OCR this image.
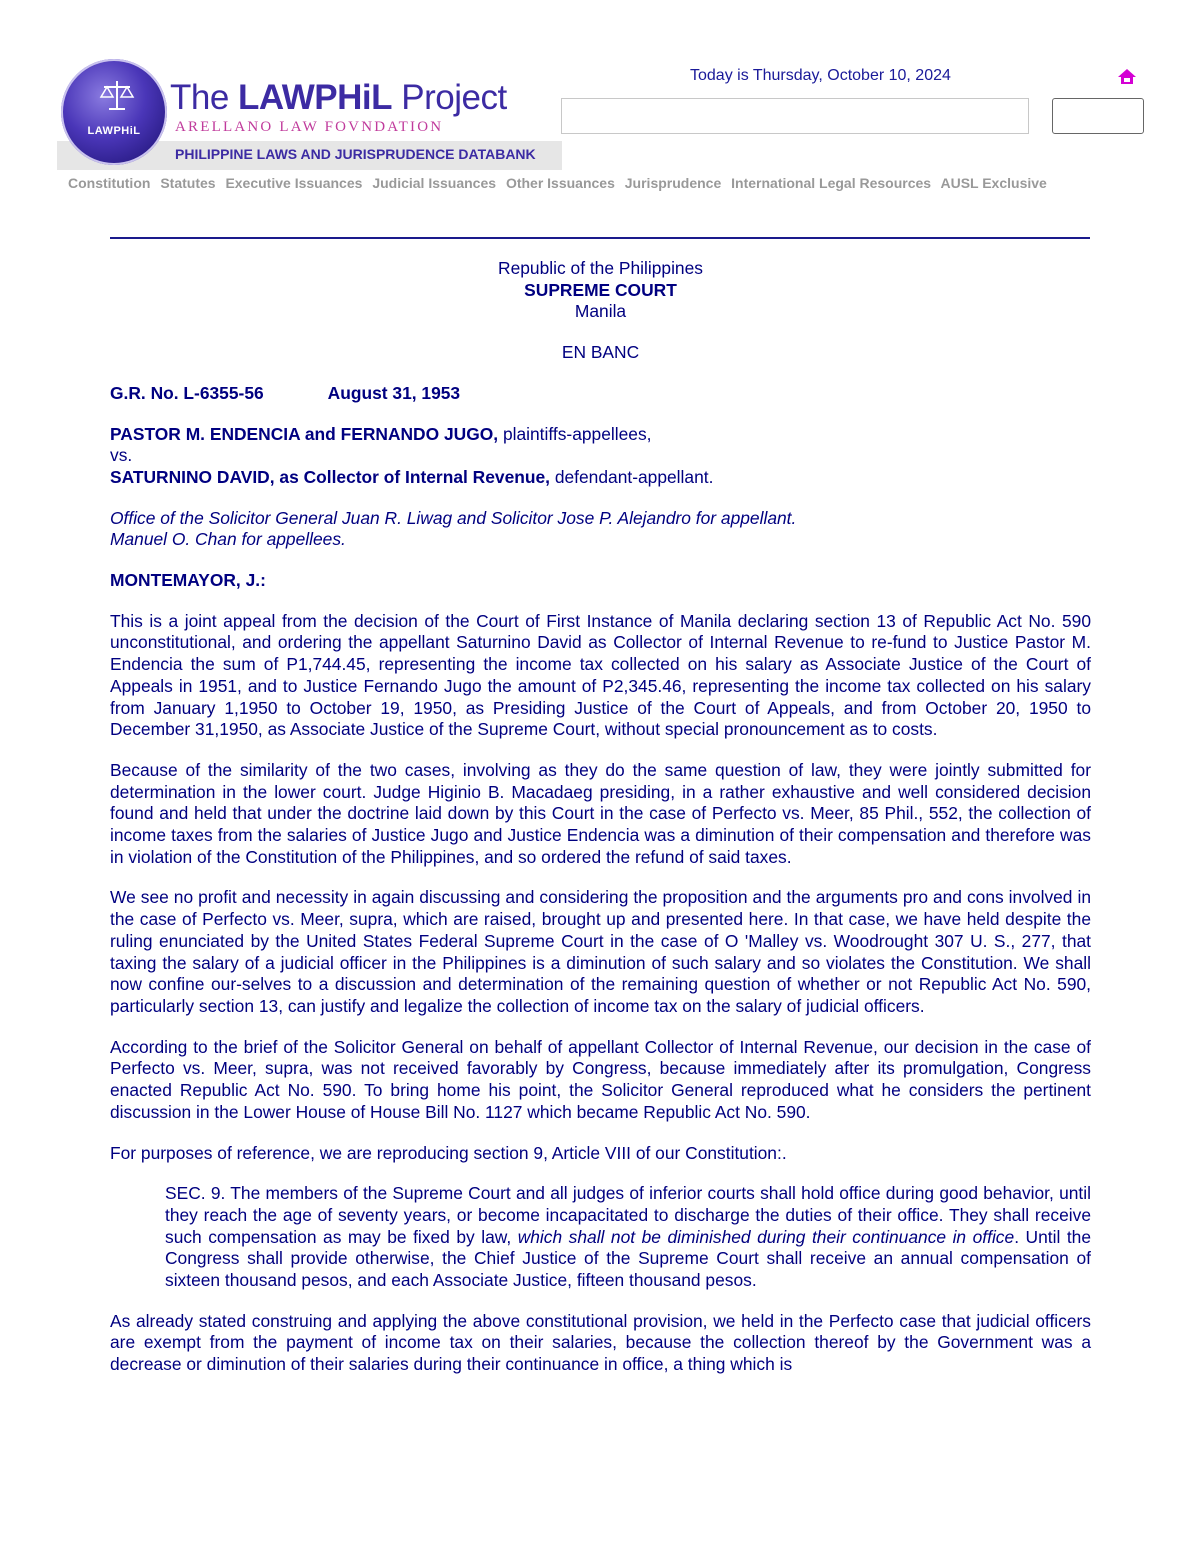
LAWPHiL
The LAWPHiL Project
ARELLANO LAW FOVNDATION
PHILIPPINE LAWS AND JURISPRUDENCE DATABANK
Today is Thursday, October 10, 2024
Constitution Statutes Executive Issuances Judicial Issuances Other Issuances Jurisprudence International Legal Resources AUSL Exclusive
Republic of the Philippines
SUPREME COURT
Manila
EN BANC
G.R. No. L-6355-56	August 31, 1953
PASTOR M. ENDENCIA and FERNANDO JUGO, plaintiffs-appellees,
vs.
SATURNINO DAVID, as Collector of Internal Revenue, defendant-appellant.
Office of the Solicitor General Juan R. Liwag and Solicitor Jose P. Alejandro for appellant.
Manuel O. Chan for appellees.

MONTEMAYOR, J.:

This is a joint appeal from the decision of the Court of First Instance of Manila declaring section 13 of Republic Act No. 590 unconstitutional, and ordering the appellant Saturnino David as Collector of Internal Revenue to re-fund to Justice Pastor M. Endencia the sum of P1,744.45, representing the income tax collected on his salary as Associate Justice of the Court of Appeals in 1951, and to Justice Fernando Jugo the amount of P2,345.46, representing the income tax collected on his salary from January 1,1950 to October 19, 1950, as Presiding Justice of the Court of Appeals, and from October 20, 1950 to December 31,1950, as Associate Justice of the Supreme Court, without special pronouncement as to costs.

Because of the similarity of the two cases, involving as they do the same question of law, they were jointly submitted for determination in the lower court. Judge Higinio B. Macadaeg presiding, in a rather exhaustive and well considered decision found and held that under the doctrine laid down by this Court in the case of Perfecto vs. Meer, 85 Phil., 552, the collection of income taxes from the salaries of Justice Jugo and Justice Endencia was a diminution of their compensation and therefore was in violation of the Constitution of the Philippines, and so ordered the refund of said taxes.

We see no profit and necessity in again discussing and considering the proposition and the arguments pro and cons involved in the case of Perfecto vs. Meer, supra, which are raised, brought up and presented here. In that case, we have held despite the ruling enunciated by the United States Federal Supreme Court in the case of O 'Malley vs. Woodrought 307 U. S., 277, that taxing the salary of a judicial officer in the Philippines is a diminution of such salary and so violates the Constitution. We shall now confine our-selves to a discussion and determination of the remaining question of whether or not Republic Act No. 590, particularly section 13, can justify and legalize the collection of income tax on the salary of judicial officers.

According to the brief of the Solicitor General on behalf of appellant Collector of Internal Revenue, our decision in the case of Perfecto vs. Meer, supra, was not received favorably by Congress, because immediately after its promulgation, Congress enacted Republic Act No. 590. To bring home his point, the Solicitor General reproduced what he considers the pertinent discussion in the Lower House of House Bill No. 1127 which became Republic Act No. 590.

For purposes of reference, we are reproducing section 9, Article VIII of our Constitution:.

SEC. 9. The members of the Supreme Court and all judges of inferior courts shall hold office during good behavior, until they reach the age of seventy years, or become incapacitated to discharge the duties of their office. They shall receive such compensation as may be fixed by law, which shall not be diminished during their continuance in office. Until the Congress shall provide otherwise, the Chief Justice of the Supreme Court shall receive an annual compensation of sixteen thousand pesos, and each Associate Justice, fifteen thousand pesos.

As already stated construing and applying the above constitutional provision, we held in the Perfecto case that judicial officers are exempt from the payment of income tax on their salaries, because the collection thereof by the Government was a decrease or diminution of their salaries during their continuance in office, a thing which is
